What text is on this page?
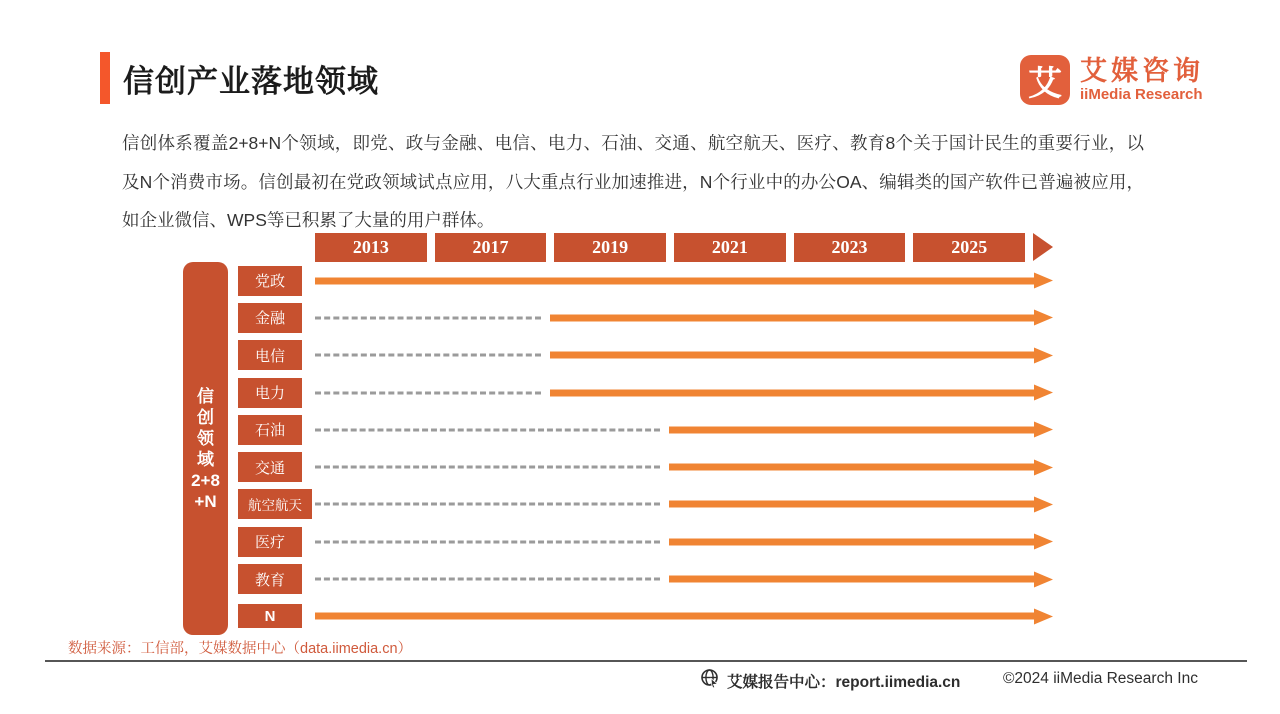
信创产业落地领域	艾 艾媒咨询
iiMedia Research
信创体系覆盖2+8+N个领域，即党、政与金融、电信、电力、石油、交通、航空航天、医疗、教育8个关于国计民生的重要行业，以及N个消费市场。信创最初在党政领域试点应用，八大重点行业加速推进，N个行业中的办公OA、编辑类的国产软件已普遍被应用，如企业微信、WPS等已积累了大量的用户群体。
2013	2017	2019	2021	2023	2025
信
创
领
域
2+8
+N
党政
金融
电信
电力
石油
交通
航空航天
医疗
教育
N
数据来源：工信部，艾媒数据中心（data.iimedia.cn）
艾媒报告中心：report.iimedia.cn	©2024 iiMedia Research Inc
